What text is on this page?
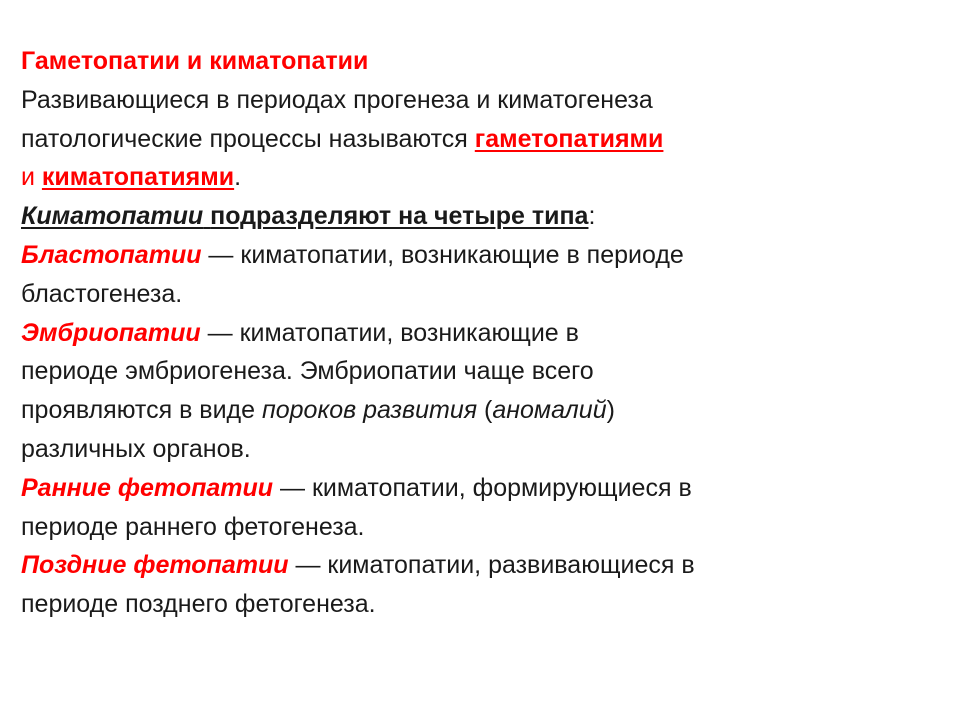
Гаметопатии и киматопатии
Развивающиеся в периодах прогенеза и киматогенеза
патологические процессы называются гаметопатиями
и киматопатиями.
Киматопатии подразделяют на четыре типа:
Бластопатии — киматопатии, возникающие в периоде
бластогенеза.
Эмбриопатии — киматопатии, возникающие в
периоде эмбриогенеза. Эмбриопатии чаще всего
проявляются в виде пороков развития (аномалий)
различных органов.
Ранние фетопатии — киматопатии, формирующиеся в
периоде раннего фетогенеза.
Поздние фетопатии — киматопатии, развивающиеся в
периоде позднего фетогенеза.
